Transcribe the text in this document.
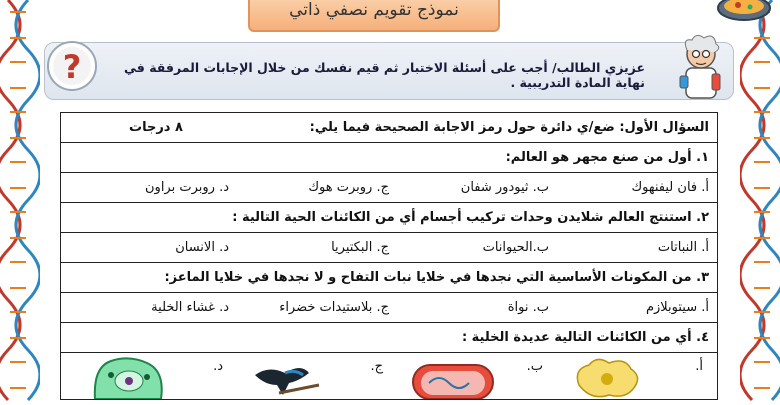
نموذج تقويم نصفي ذاتي
?	عزيزي الطالب/ أجب على أسئلة الاختبار ثم قيم نفسك من خلال الإجابات المرفقة في نهاية المادة التدريبية .
السؤال الأول: ضع/ي دائرة حول رمز الاجابة الصحيحة فيما يلي:
٨ درجات

١. أول من صنع مجهر هو العالم:

أ. فان ليفنهوك
ب. ثيودور شفان
ج. روبرت هوك
د. روبرت براون

٢. استنتج العالم شلايدن وحدات تركيب أجسام أي من الكائنات الحية التالية :

أ. النباتات
ب.الحيوانات
ج. البكتيريا
د. الانسان

٣. من المكونات الأساسية التي نجدها في خلايا نبات التفاح و لا نجدها في خلايا الماعز:

أ. سيتوبلازم
ب. نواة
ج. بلاستيدات خضراء
د. غشاء الخلية

٤. أي من الكائنات التالية عديدة الخلية :

أ.
ب.
ج.
د.
